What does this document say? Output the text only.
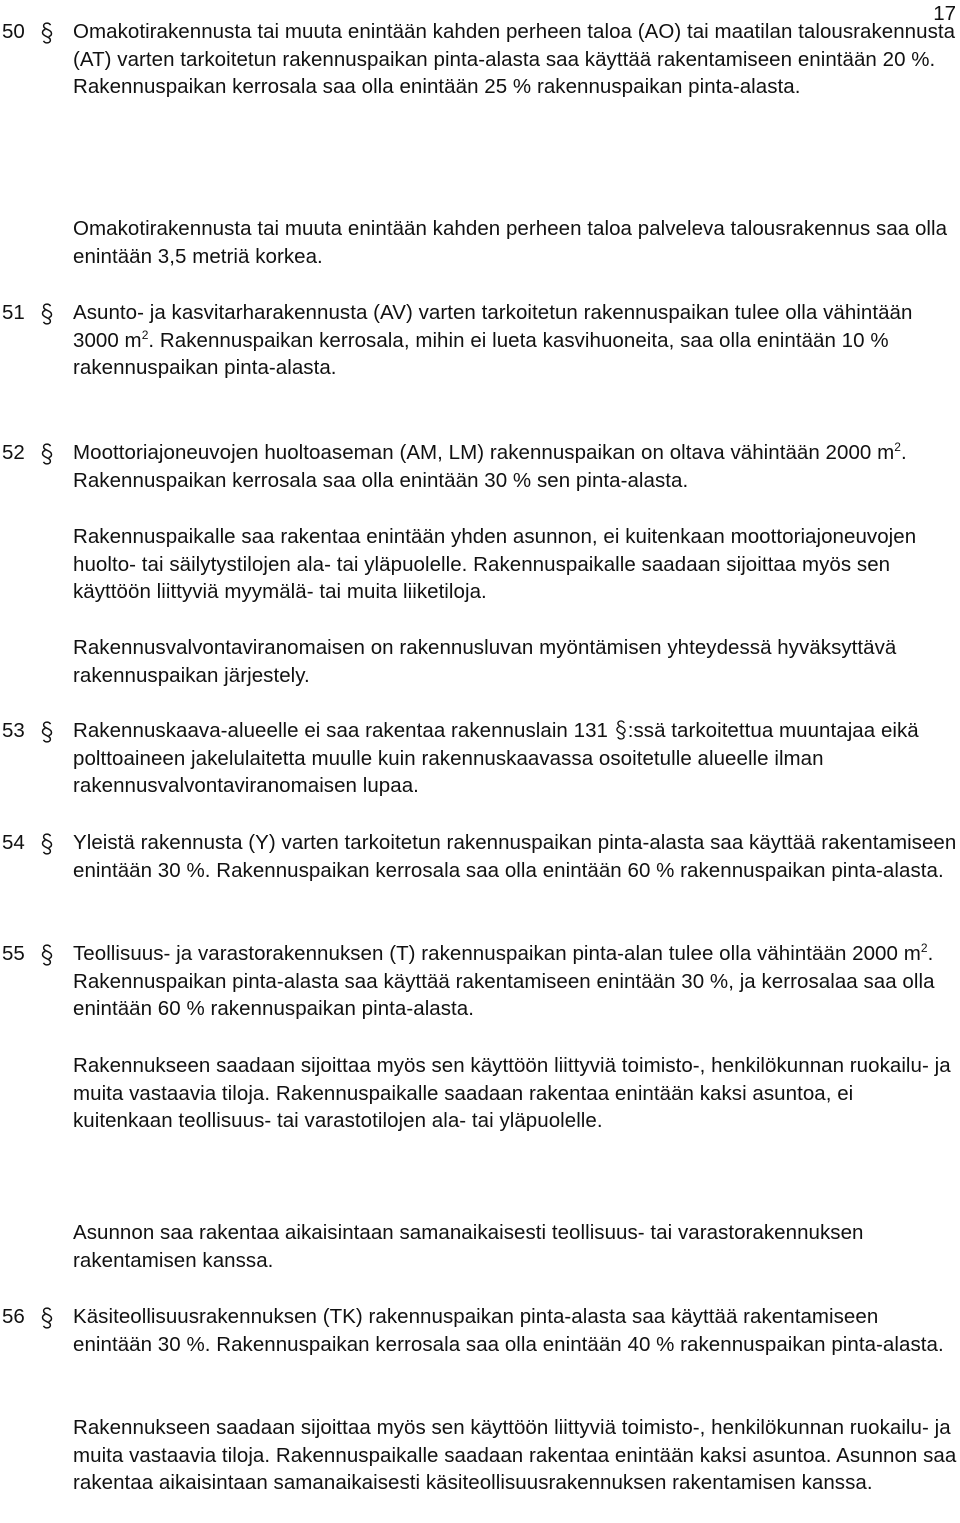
17
50 Omakotirakennusta tai muuta enintään kahden perheen taloa (AO) tai maatilan talousrakennusta (AT) varten tarkoitetun rakennuspaikan pinta-alasta saa käyttää rakentamiseen enintään 20 %. Rakennuspaikan kerrosala saa olla enintään 25 % rakennuspaikan pinta-alasta.

Omakotirakennusta tai muuta enintään kahden perheen taloa palveleva talousrakennus saa olla enintään 3,5 metriä korkea.

51 Asunto- ja kasvitarharakennusta (AV) varten tarkoitetun rakennuspaikan tulee olla vähintään 3000 $m^2$. Rakennuspaikan kerrosala, mihin ei lueta kasvihuoneita, saa olla enintään 10 % rakennuspaikan pinta-alasta.

52 Moottoriajoneuvojen huoltoaseman (AM, LM) rakennuspaikan on oltava vähintään 2000 $m^2$. Rakennuspaikan kerrosala saa olla enintään 30 % sen pinta-alasta.

Rakennuspaikalle saa rakentaa enintään yhden asunnon, ei kuitenkaan moottoriajoneuvojen huolto- tai säilytystilojen ala- tai yläpuolelle. Rakennuspaikalle saadaan sijoittaa myös sen käyttöön liittyviä myymälä- tai muita liiketiloja.

Rakennusvalvontaviranomaisen on rakennusluvan myöntämisen yhteydessä hyväksyttävä rakennuspaikan järjestely.

53 Rakennuskaava-alueelle ei saa rakentaa rakennuslain 131 :ssä tarkoitettua muuntajaa eikä polttoaineen jakelulaitetta muulle kuin rakennuskaavassa osoitetulle alueelle ilman rakennusvalvontaviranomaisen lupaa.

54 Yleistä rakennusta (Y) varten tarkoitetun rakennuspaikan pinta-alasta saa käyttää rakentamiseen enintään 30 %. Rakennuspaikan kerrosala saa olla enintään 60 % rakennuspaikan pinta-alasta.

55 Teollisuus- ja varastorakennuksen (T) rakennuspaikan pinta-alan tulee olla vähintään 2000 $m^2$. Rakennuspaikan pinta-alasta saa käyttää rakentamiseen enintään 30 %, ja kerrosalaa saa olla enintään 60 % rakennuspaikan pinta-alasta.

Rakennukseen saadaan sijoittaa myös sen käyttöön liittyviä toimisto-, henkilökunnan ruokailu- ja muita vastaavia tiloja. Rakennuspaikalle saadaan rakentaa enintään kaksi asuntoa, ei kuitenkaan teollisuus- tai varastotilojen ala- tai yläpuolelle.

Asunnon saa rakentaa aikaisintaan samanaikaisesti teollisuus- tai varastorakennuksen rakentamisen kanssa.

56 Käsiteollisuusrakennuksen (TK) rakennuspaikan pinta-alasta saa käyttää rakentamiseen enintään 30 %. Rakennuspaikan kerrosala saa olla enintään 40 % rakennuspaikan pinta-alasta.

Rakennukseen saadaan sijoittaa myös sen käyttöön liittyviä toimisto-, henkilökunnan ruokailu- ja muita vastaavia tiloja. Rakennuspaikalle saadaan rakentaa enintään kaksi asuntoa. Asunnon saa rakentaa aikaisintaan samanaikaisesti käsiteollisuusrakennuksen rakentamisen kanssa.
